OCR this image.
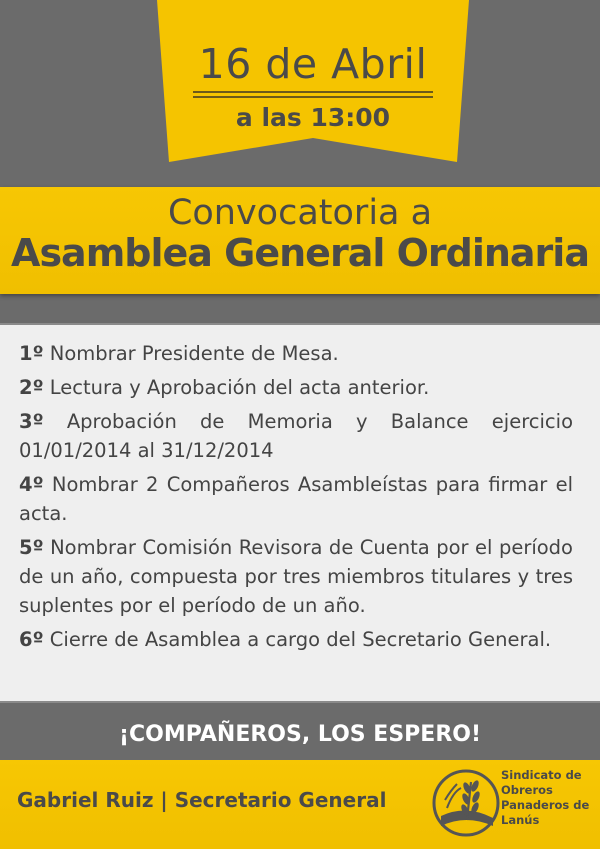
16 de Abril
a las 13:00
Convocatoria a
Asamblea General Ordinaria
1º Nombrar Presidente de Mesa.
2º Lectura y Aprobación del acta anterior.
3º Aprobación de Memoria y Balance ejercicio 01/01/2014 al 31/12/2014
4º Nombrar 2 Compañeros Asambleístas para firmar el acta.
5º Nombrar Comisión Revisora de Cuenta por el período de un año, compuesta por tres miembros titulares y tres suplentes por el período de un año.
6º Cierre de Asamblea a cargo del Secretario General.
¡COMPAÑEROS, LOS ESPERO!
Gabriel Ruiz | Secretario General
Sindicato de
Obreros
Panaderos de
Lanús
